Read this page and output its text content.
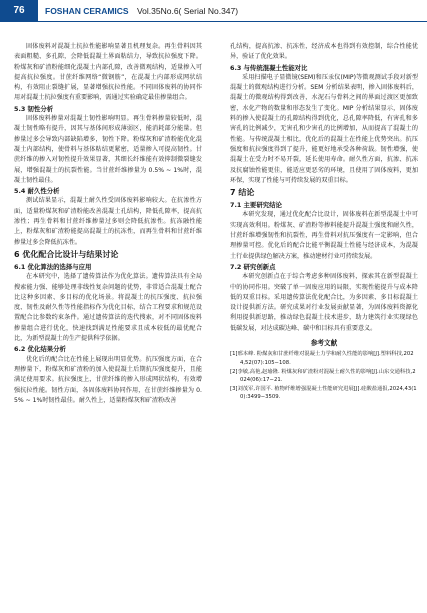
76	FOSHAN CERAMICS Vol.35No.6( Serial No.347)

固体废料对混凝土抗拉性能影响显著且机理复杂。再生骨料因其表面粗糙、多孔隙，会降低混凝土界面粘结力，导致抗拉强度下降。粉煤灰和矿渣粉能细化混凝土内部孔隙，改善微观结构，适量掺入可提高抗拉强度。甘蔗纤维网络“微钢筋”，在混凝土内部形成网状结构，有效阻止裂缝扩展，显著增强抗拉性能。不同固体废料的协同作用对混凝土抗拉强度有重要影响，需通过实验确定最佳掺量组合。

5.3 韧性分析

固体废料掺量对混凝土韧性影响明显。再生骨料掺量较低时，混凝土韧性略有提升，因其与基体间形成薄弱区，能消耗部分能量。但掺量过多会导致内部缺陷增多，韧性下降。粉煤灰和矿渣粉能优化混凝土内部结构，使骨料与基体粘结更紧密，适量掺入可提高韧性。甘蔗纤维的掺入对韧性提升效果显著，其细长纤维能有效抑制微裂缝发展，增强混凝土的抗裂性能。当甘蔗纤维掺量为 0.5% ~ 1%时，混凝土韧性最佳。

5.4 耐久性分析

测试结果显示，混凝土耐久性受固体废料影响较大。在抗渗性方面，适量粉煤灰和矿渣粉能改善混凝土孔结构，降低孔隙率，提高抗渗性；再生骨料和甘蔗纤维掺量过多则会降低抗渗性。抗冻融性能上，粉煤灰和矿渣粉能提高混凝土的抗冻性，而再生骨料和甘蔗纤维掺量过多会降低抗冻性。

6 优化配合比设计与结果讨论

6.1 优化算法的选择与应用

在本研究中，选择了遗传算法作为优化算法。遗传算法具有全局搜索能力强、能够处理非线性复杂问题的优势，非常适合混凝土配合比这种多因素、多目标的优化场景。将混凝土的抗压强度、抗拉强度、韧性及耐久性等性能指标作为优化目标，结合工程要求和规范设置配合比参数约束条件。通过遗传算法的迭代搜索，对不同固体废料掺量组合进行优化，快速找到满足性能要求且成本较低的最优配合比，为新型混凝土的生产提供科学依据。

6.2 优化结果分析

优化后的配合比在性能上展现出明显优势。抗压强度方面，在合理掺量下，粉煤灰和矿渣粉的加入使混凝土后期抗压强度提升，且能满足使用要求。抗拉强度上，甘蔗纤维的掺入形成网状结构，有效增强抗拉性能。韧性方面，各固体废料协同作用，在甘蔗纤维掺量为 0.5% ~ 1%时韧性最佳。耐久性上，适量粉煤灰和矿渣粉改善

孔结构，提高抗渗、抗冻性，经济成本也得到有效控制，综合性能优异，验证了优化效果。

6.3 与传统混凝土性能对比

采用扫描电子显微镜(SEM)和压汞仪(MIP)等微观测试手段对新型混凝土的微观结构进行分析。SEM 分析结果表明，掺入固体废料后，混凝土的微观结构得到改善，水泥石与骨料之间的界面过渡区更加致密，水化产物的数量和形态发生了变化。MIP 分析结果显示，固体废料的掺入使混凝土的孔隙结构得到优化，总孔隙率降低，有害孔和多害孔的比例减少，无害孔和少害孔的比例增加，从而提高了混凝土的性能。与传统混凝土相比，优化后的混凝土在性能上优势突出。抗压强度和抗拉强度得到了提升，能更好地承受各种荷载。韧性增强，使混凝土在受力时不易开裂，延长使用寿命。耐久性方面，抗渗、抗冻及抗腐蚀性能更佳，能适应更恶劣的环境，且使用了固体废料，更加环保，实现了性能与可持续发展的双重目标。

7 结论

7.1 主要研究结论

本研究发现，通过优化配合比设计，固体废料在新型混凝土中可实现高效利用。粉煤灰、矿渣粉等掺料能提升混凝土强度和耐久性，甘蔗纤维增强韧性和抗裂性，再生骨料对抗压强度有一定影响，但合理掺量可控。优化后的配合比能平衡混凝土性能与经济成本，为混凝土行业提供绿色解决方案，推动建材行业可持续发展。

7.2 研究创新点

本研究创新点在于综合考虑多种固体废料，探索其在新型混凝土中的协同作用。突破了单一固废应用的局限，实现性能提升与成本降低的双重目标。采用遗传算法优化配合比，为多因素、多目标混凝土设计提供新方法。研究成果对行业发展贡献显著，为固体废料资源化利用提供新思路，推动绿色混凝土技术进步，助力建筑行业实现绿色低碳发展，对达成碳达峰、碳中和目标具有重要意义。

参考文献

[1]邢本峰. 粉煤灰和甘蔗纤维对混凝土力学和耐久性能的影响[J].塑料科技,2024,52(07):105−108.

[2]李敏,高艳,赵瑜隆. 粉煤灰和矿渣粉对混凝土耐久性的影响[J].山东交通科技,2024(06):17−21.

[3]刘茂军,许国平. 植物纤维增强混凝土性能研究进展[J].硅酸盐通报,2024,43(10):3499−3509.
